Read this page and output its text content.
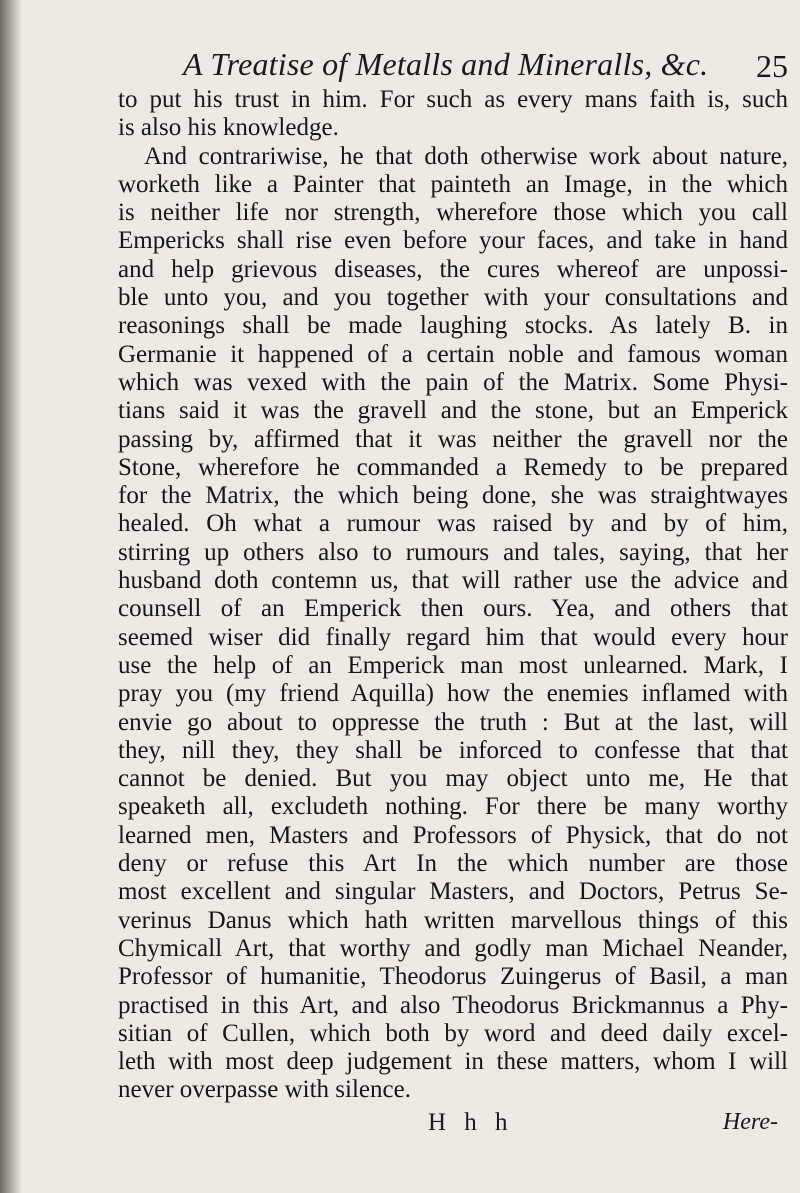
A Treatise of Metalls and Mineralls, &c. 25
to put his trust in him. For such as every mans faith is, such
is also his knowledge.
And contrariwise, he that doth otherwise work about nature,
worketh like a Painter that painteth an Image, in the which
is neither life nor strength, wherefore those which you call
Empericks shall rise even before your faces, and take in hand
and help grievous diseases, the cures whereof are unpossi-
ble unto you, and you together with your consultations and
reasonings shall be made laughing stocks. As lately B. in
Germanie it happened of a certain noble and famous woman
which was vexed with the pain of the Matrix. Some Physi-
tians said it was the gravell and the stone, but an Emperick
passing by, affirmed that it was neither the gravell nor the
Stone, wherefore he commanded a Remedy to be prepared
for the Matrix, the which being done, she was straightwayes
healed. Oh what a rumour was raised by and by of him,
stirring up others also to rumours and tales, saying, that her
husband doth contemn us, that will rather use the advice and
counsell of an Emperick then ours. Yea, and others that
seemed wiser did finally regard him that would every hour
use the help of an Emperick man most unlearned. Mark, I
pray you (my friend Aquilla) how the enemies inflamed with
envie go about to oppresse the truth : But at the last, will
they, nill they, they shall be inforced to confesse that that
cannot be denied. But you may object unto me, He that
speaketh all, excludeth nothing. For there be many worthy
learned men, Masters and Professors of Physick, that do not
deny or refuse this Art In the which number are those
most excellent and singular Masters, and Doctors, Petrus Se-
verinus Danus which hath written marvellous things of this
Chymicall Art, that worthy and godly man Michael Neander,
Professor of humanitie, Theodorus Zuingerus of Basil, a man
practised in this Art, and also Theodorus Brickmannus a Phy-
sitian of Cullen, which both by word and deed daily excel-
leth with most deep judgement in these matters, whom I will
never overpasse with silence.
H h h	Here-
